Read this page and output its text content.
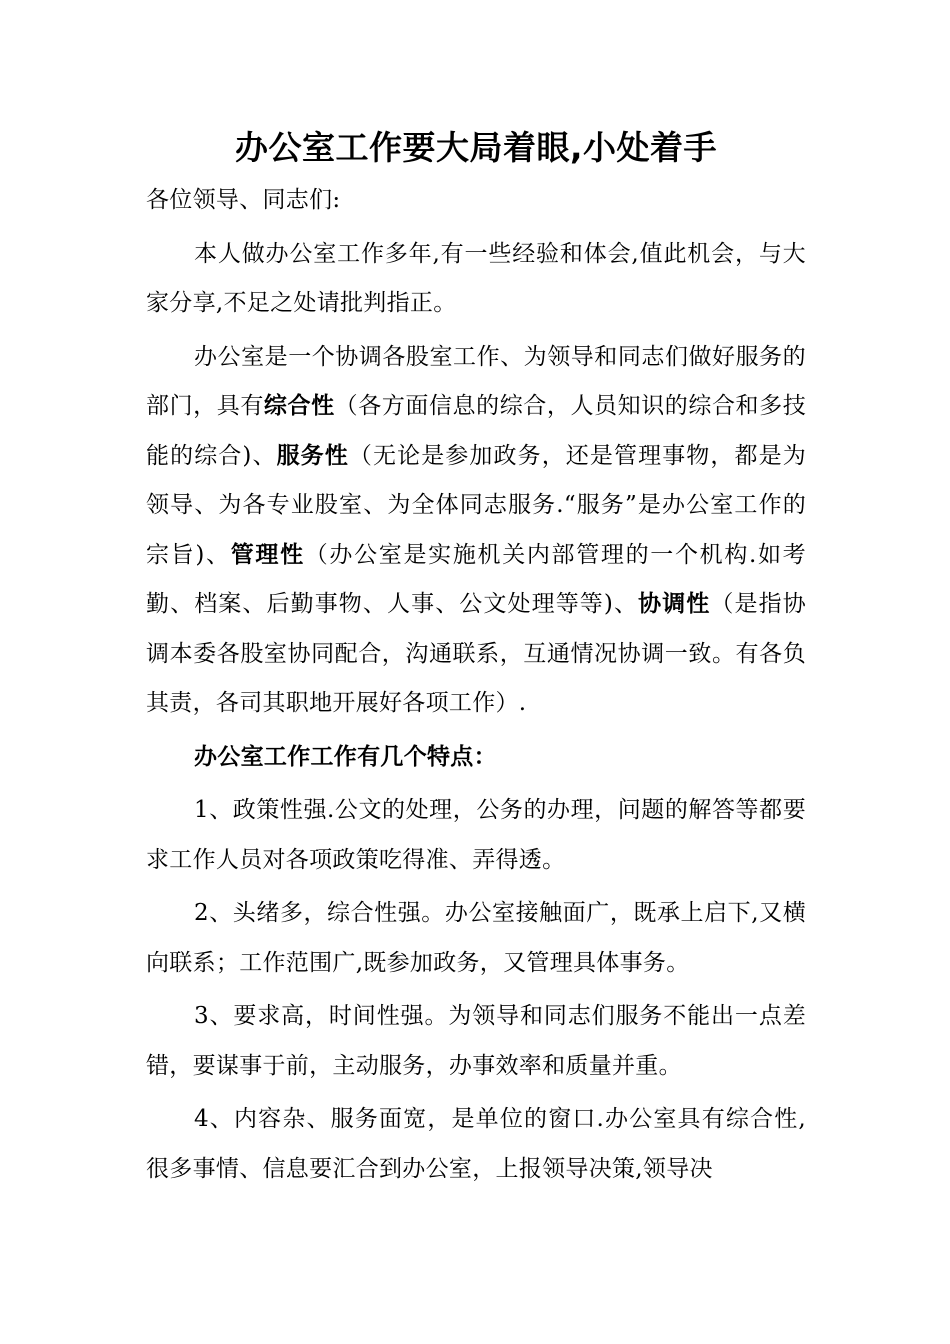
办公室工作要大局着眼,小处着手

各位领导、同志们:

本人做办公室工作多年,有一些经验和体会,值此机会，与大家分享,不足之处请批判指正。

办公室是一个协调各股室工作、为领导和同志们做好服务的部门，具有综合性（各方面信息的综合，人员知识的综合和多技能的综合)、服务性（无论是参加政务，还是管理事物，都是为领导、为各专业股室、为全体同志服务.“服务”是办公室工作的宗旨)、管理性（办公室是实施机关内部管理的一个机构.如考勤、档案、后勤事物、人事、公文处理等等)、协调性（是指协调本委各股室协同配合，沟通联系，互通情况协调一致。有各负其责，各司其职地开展好各项工作）.

办公室工作工作有几个特点：

1、政策性强.公文的处理，公务的办理，问题的解答等都要求工作人员对各项政策吃得准、弄得透。

2、头绪多，综合性强。办公室接触面广，既承上启下,又横向联系；工作范围广,既参加政务，又管理具体事务。

3、要求高，时间性强。为领导和同志们服务不能出一点差错，要谋事于前，主动服务，办事效率和质量并重。

4、内容杂、服务面宽，是单位的窗口.办公室具有综合性,很多事情、信息要汇合到办公室，上报领导决策,领导决
